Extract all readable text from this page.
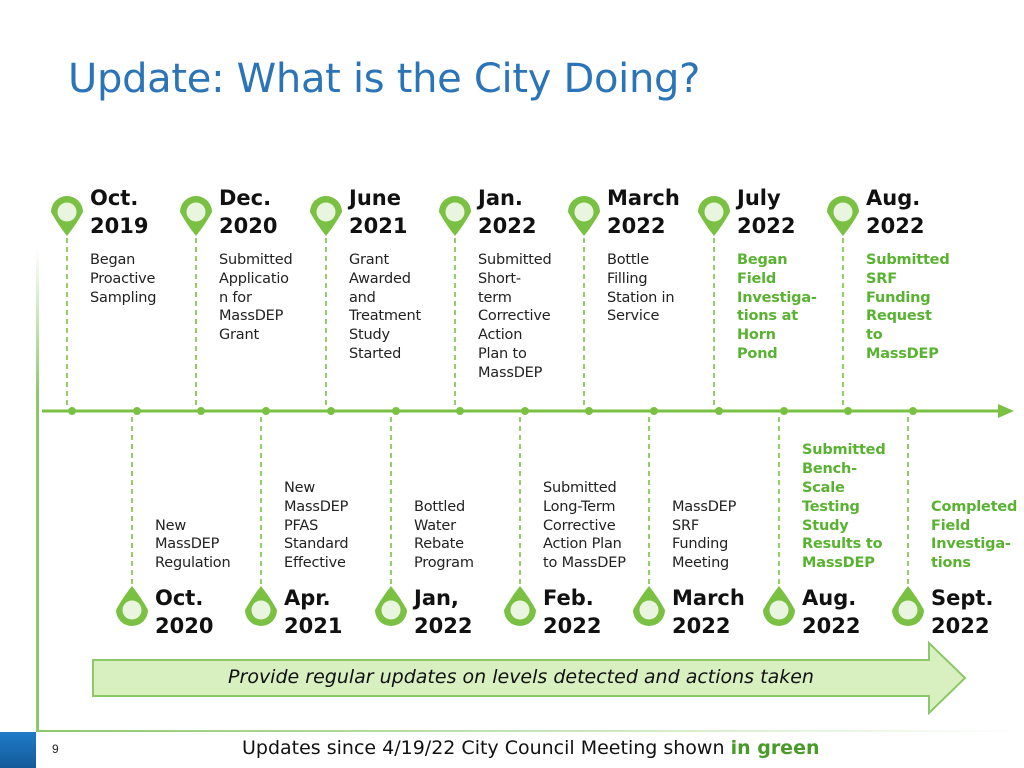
Update: What is the City Doing?
Oct.
2019
Began
Proactive
Sampling
Dec.
2020
Submitted
Applicatio
n for
MassDEP
Grant
June
2021
Grant
Awarded
and
Treatment
Study
Started
Jan.
2022
Submitted
Short-
term
Corrective
Action
Plan to
MassDEP
March
2022
Bottle
Filling
Station in
Service
July
2022
Began
Field
Investiga-
tions at
Horn
Pond
Aug.
2022
Submitted
SRF
Funding
Request
to
MassDEP
Oct.
2020
New
MassDEP
Regulation
Apr.
2021
New
MassDEP
PFAS
Standard
Effective
Jan,
2022
Bottled
Water
Rebate
Program
Feb.
2022
Submitted
Long-Term
Corrective
Action Plan
to MassDEP
March
2022
MassDEP
SRF
Funding
Meeting
Aug.
2022
Submitted
Bench-
Scale
Testing
Study
Results to
MassDEP
Sept.
2022
Completed
Field
Investiga-
tions
Provide regular updates on levels detected and actions taken
9	Updates since 4/19/22 City Council Meeting shown in green
